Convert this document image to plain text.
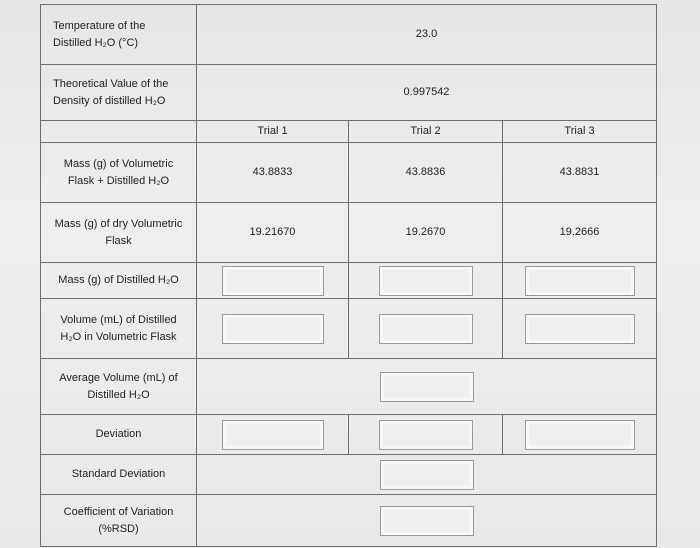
Temperature of the
Distilled H₂O (°C)	23.0		

Theoretical Value of the
Density of distilled H₂O	0.997542		
	Trial 1	Trial 2	Trial 3

Mass (g) of Volumetric
Flask + Distilled H₂O	43.8833	43.8836	43.8831

Mass (g) of dry Volumetric
Flask	19.21670	19.2670	19.2666
Mass (g) of Distilled H₂O			

Volume (mL) of Distilled
H₂O in Volumetric Flask			

Average Volume (mL) of
Distilled H₂O			

Deviation			
Standard Deviation			

Coefficient of Variation
(%RSD)			
